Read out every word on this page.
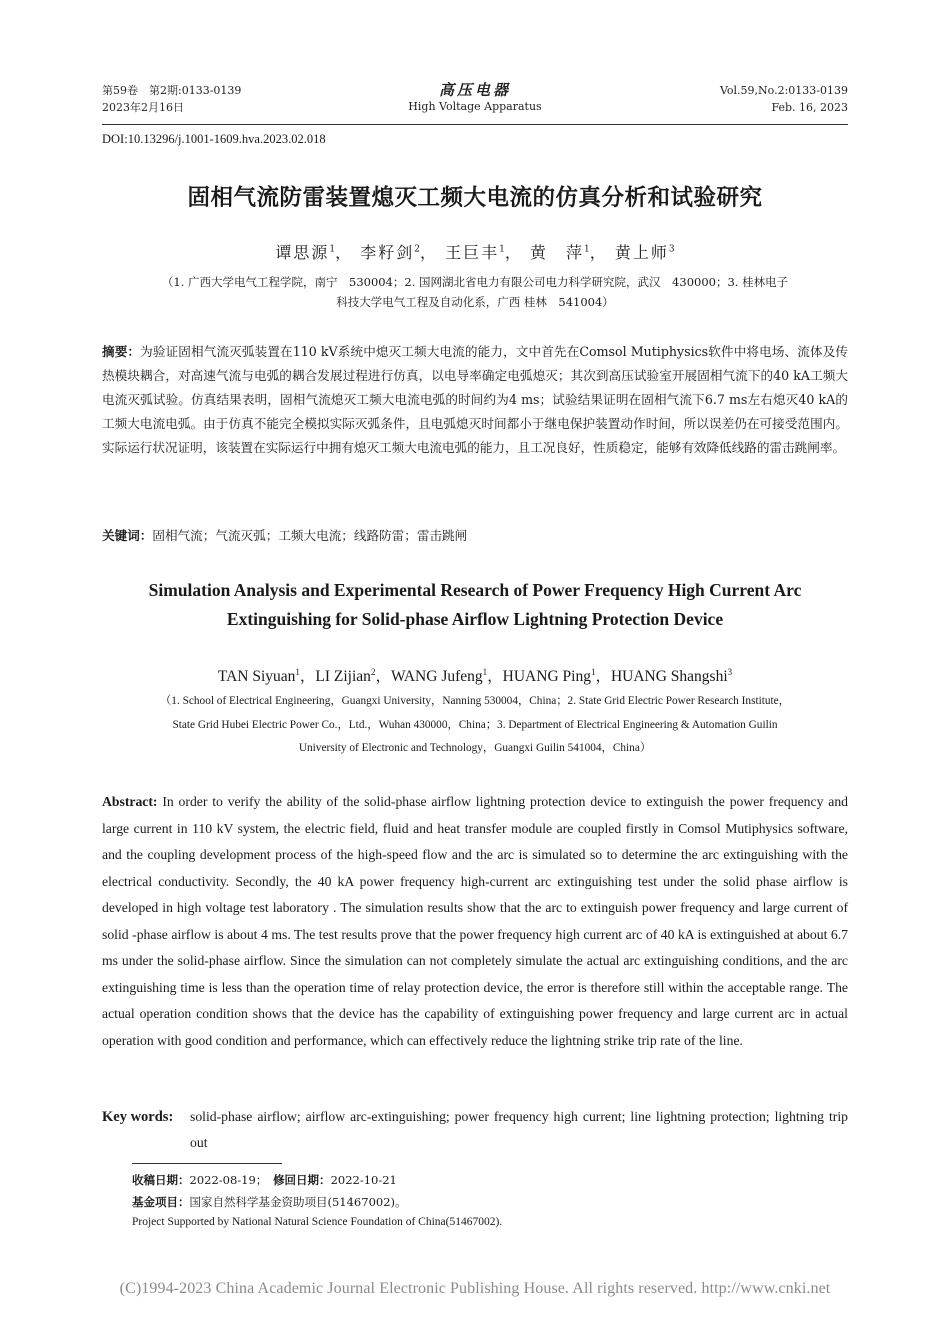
第59卷　第2期:0133-0139
2023年2月16日
高压电器
High Voltage Apparatus
Vol.59,No.2:0133-0139
Feb. 16, 2023
DOI:10.13296/j.1001-1609.hva.2023.02.018
固相气流防雷装置熄灭工频大电流的仿真分析和试验研究
谭思源$^1$， 李籽剑$^2$， 王巨丰$^1$， 黄　萍$^1$， 黄上师$^3$
（1. 广西大学电气工程学院，南宁　530004；2. 国网湖北省电力有限公司电力科学研究院，武汉　430000；3. 桂林电子
科技大学电气工程及自动化系，广西 桂林　541004）
摘要：为验证固相气流灭弧装置在110 kV系统中熄灭工频大电流的能力，文中首先在Comsol Mutiphysics软件中将电场、流体及传热模块耦合，对高速气流与电弧的耦合发展过程进行仿真，以电导率确定电弧熄灭；其次到高压试验室开展固相气流下的40 kA工频大电流灭弧试验。仿真结果表明，固相气流熄灭工频大电流电弧的时间约为4 ms；试验结果证明在固相气流下6.7 ms左右熄灭40 kA的工频大电流电弧。由于仿真不能完全模拟实际灭弧条件，且电弧熄灭时间都小于继电保护装置动作时间，所以误差仍在可接受范围内。实际运行状况证明，该装置在实际运行中拥有熄灭工频大电流电弧的能力，且工况良好，性质稳定，能够有效降低线路的雷击跳闸率。
关键词：固相气流；气流灭弧；工频大电流；线路防雷；雷击跳闸
Simulation Analysis and Experimental Research of Power Frequency High Current Arc
Extinguishing for Solid-phase Airflow Lightning Protection Device
TAN Siyuan$^1$，LI Zijian$^2$，WANG Jufeng$^1$，HUANG Ping$^1$，HUANG Shangshi$^3$
（1. School of Electrical Engineering，Guangxi University，Nanning 530004，China；2. State Grid Electric Power Research Institute，
State Grid Hubei Electric Power Co.，Ltd.，Wuhan 430000，China；3. Department of Electrical Engineering & Automation Guilin
University of Electronic and Technology，Guangxi Guilin 541004，China）
Abstract: In order to verify the ability of the solid-phase airflow lightning protection device to extinguish the power frequency and large current in 110 kV system, the electric field, fluid and heat transfer module are coupled firstly in Comsol Mutiphysics software, and the coupling development process of the high-speed flow and the arc is simulated so to determine the arc extinguishing with the electrical conductivity. Secondly, the 40 kA power frequency high-current arc extinguishing test under the solid phase airflow is developed in high voltage test laboratory . The simulation results show that the arc to extinguish power frequency and large current of solid -phase airflow is about 4 ms. The test results prove that the power frequency high current arc of 40 kA is extinguished at about 6.7 ms under the solid-phase airflow. Since the simulation can not completely simulate the actual arc extinguishing conditions, and the arc extinguishing time is less than the operation time of relay protection device, the error is therefore still within the acceptable range. The actual operation condition shows that the device has the capability of extinguishing power frequency and large current arc in actual operation with good condition and performance, which can effectively reduce the lightning strike trip rate of the line.
Key words: solid-phase airflow; airflow arc-extinguishing; power frequency high current; line lightning protection; lightning trip out
收稿日期：2022-08-19；　 修回日期：2022-10-21
基金项目：国家自然科学基金资助项目(51467002)。
Project Supported by National Natural Science Foundation of China(51467002).
(C)1994-2023 China Academic Journal Electronic Publishing House. All rights reserved. http://www.cnki.net
